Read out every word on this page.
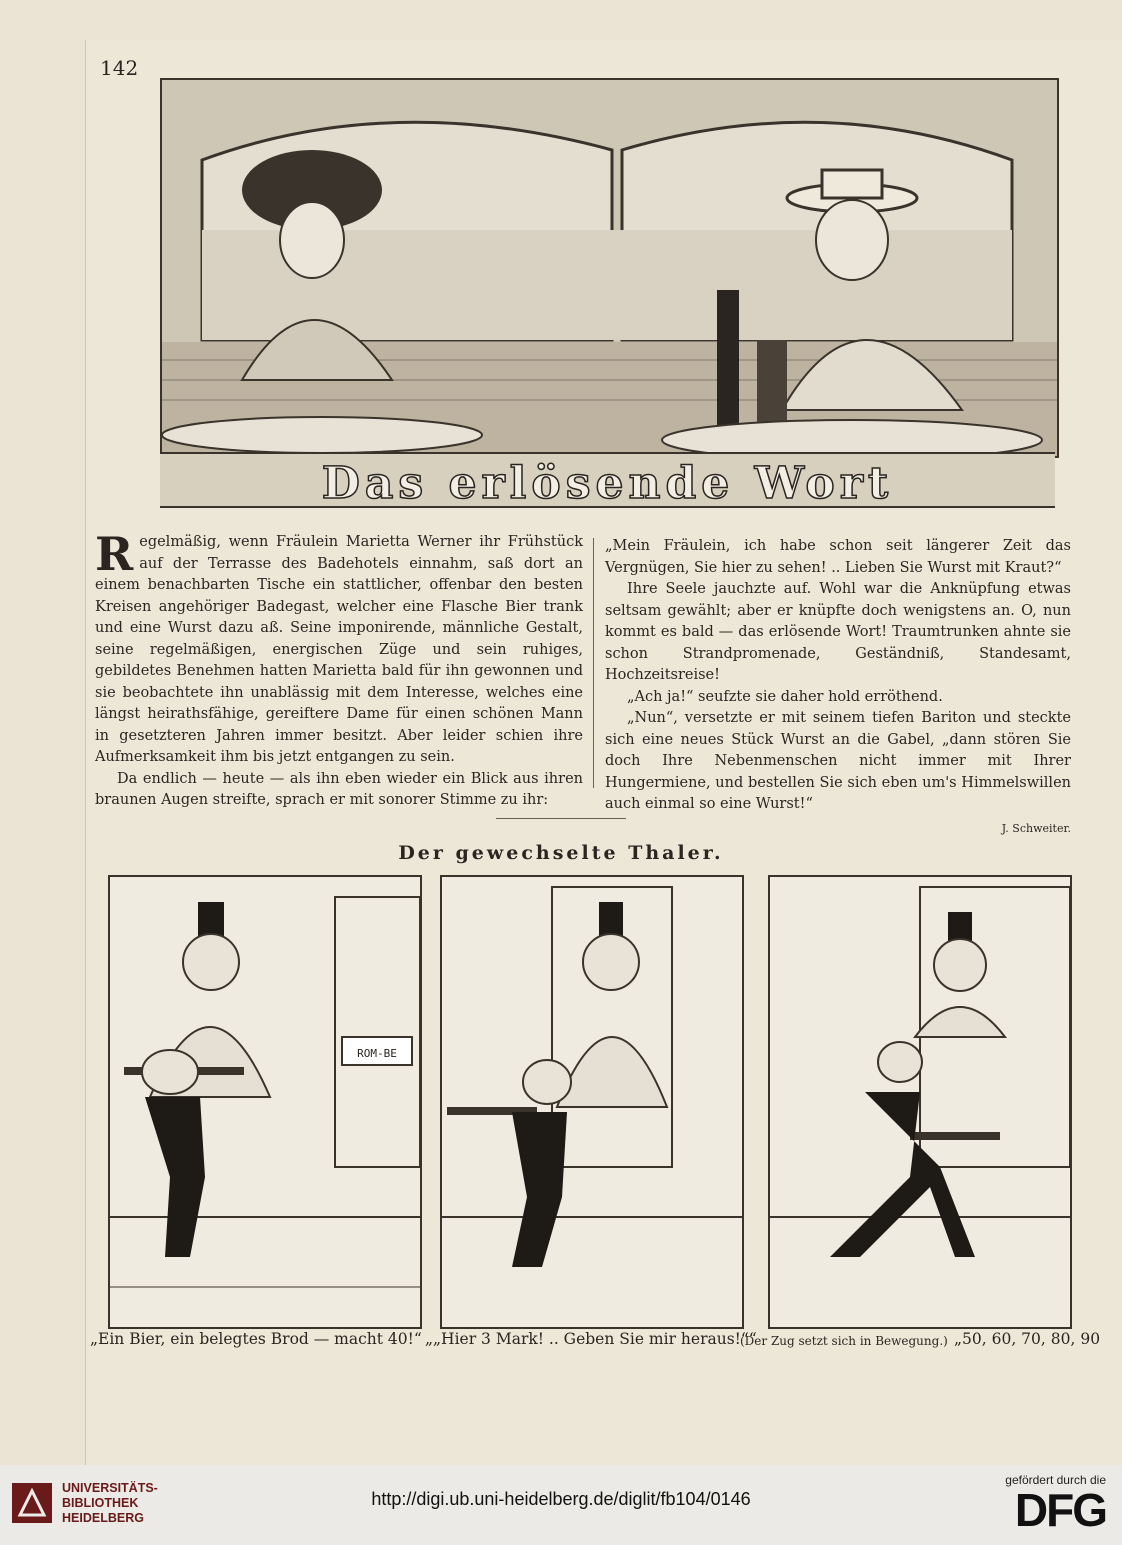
142
Das erlösende Wort

Regelmäßig, wenn Fräulein Marietta Werner ihr Frühstück auf der Terrasse des Badehotels einnahm, saß dort an einem benachbarten Tische ein stattlicher, offenbar den besten Kreisen angehöriger Badegast, welcher eine Flasche Bier trank und eine Wurst dazu aß. Seine imponirende, männliche Gestalt, seine regelmäßigen, energischen Züge und sein ruhiges, gebildetes Benehmen hatten Marietta bald für ihn gewonnen und sie beobachtete ihn unablässig mit dem Interesse, welches eine längst heirathsfähige, gereiftere Dame für einen schönen Mann in gesetzteren Jahren immer besitzt. Aber leider schien ihre Aufmerksamkeit ihm bis jetzt entgangen zu sein.

Da endlich — heute — als ihn eben wieder ein Blick aus ihren braunen Augen streifte, sprach er mit sonorer Stimme zu ihr:

„Mein Fräulein, ich habe schon seit längerer Zeit das Vergnügen, Sie hier zu sehen! .. Lieben Sie Wurst mit Kraut?“

Ihre Seele jauchzte auf. Wohl war die Anknüpfung etwas seltsam gewählt; aber er knüpfte doch wenigstens an. O, nun kommt es bald — das erlösende Wort! Traumtrunken ahnte sie schon Strandpromenade, Geständniß, Standesamt, Hochzeitsreise!

„Ach ja!“ seufzte sie daher hold erröthend.

„Nun“, versetzte er mit seinem tiefen Bariton und steckte sich eine neues Stück Wurst an die Gabel, „dann stören Sie doch Ihre Nebenmenschen nicht immer mit Ihrer Hungermiene, und bestellen Sie sich eben um's Himmelswillen auch einmal so eine Wurst!“

J. Schweiter.
Der gewechselte Thaler.
ROM-BE
„Ein Bier, ein belegtes Brod — macht 40!“ „„Hier 3 Mark! .. Geben Sie mir heraus!““
(Der Zug setzt sich in Bewegung.) „50, 60, 70, 80, 90
UNIVERSITÄTS-
BIBLIOTHEK
HEIDELBERG
http://digi.ub.uni-heidelberg.de/diglit/fb104/0146
gefördert durch die
DFG
